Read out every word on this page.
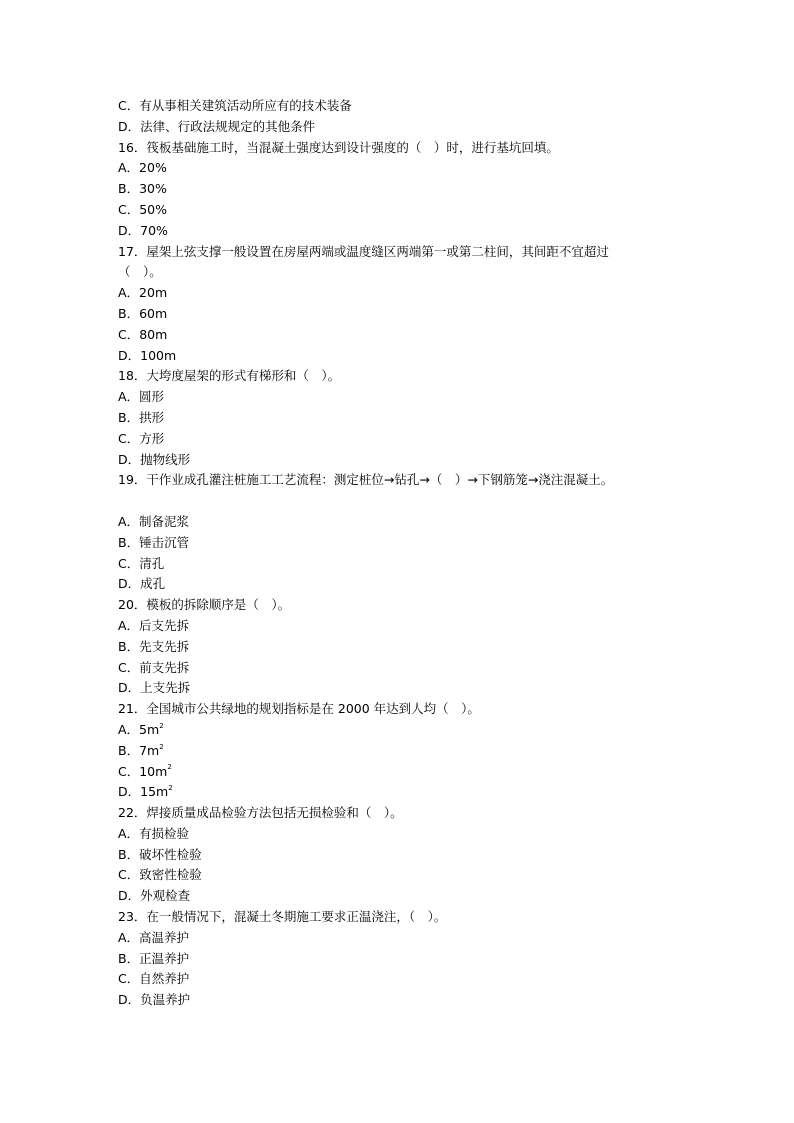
C．有从事相关建筑活动所应有的技术装备
D．法律、行政法规规定的其他条件
16．筏板基础施工时，当混凝土强度达到设计强度的（　）时，进行基坑回填。
A．20%
B．30%
C．50%
D．70%
17．屋架上弦支撑一般设置在房屋两端或温度缝区两端第一或第二柱间，其间距不宜超过
（　）。
A．20m
B．60m
C．80m
D．100m
18．大垮度屋架的形式有梯形和（　）。
A．圆形
B．拱形
C．方形
D．抛物线形
19．干作业成孔灌注桩施工工艺流程：测定桩位→钻孔→（　）→下钢筋笼→浇注混凝土。
A．制备泥浆
B．锤击沉管
C．清孔
D．成孔
20．模板的拆除顺序是（　）。
A．后支先拆
B．先支先拆
C．前支先拆
D．上支先拆
21．全国城市公共绿地的规划指标是在 2000 年达到人均（　）。
A．$5m^2$
B．$7m^2$
C．$10m^2$
D．$15m^2$
22．焊接质量成品检验方法包括无损检验和（　）。
A．有损检验
B．破坏性检验
C．致密性检验
D．外观检查
23．在一般情况下，混凝土冬期施工要求正温浇注，（　）。
A．高温养护
B．正温养护
C．自然养护
D．负温养护
